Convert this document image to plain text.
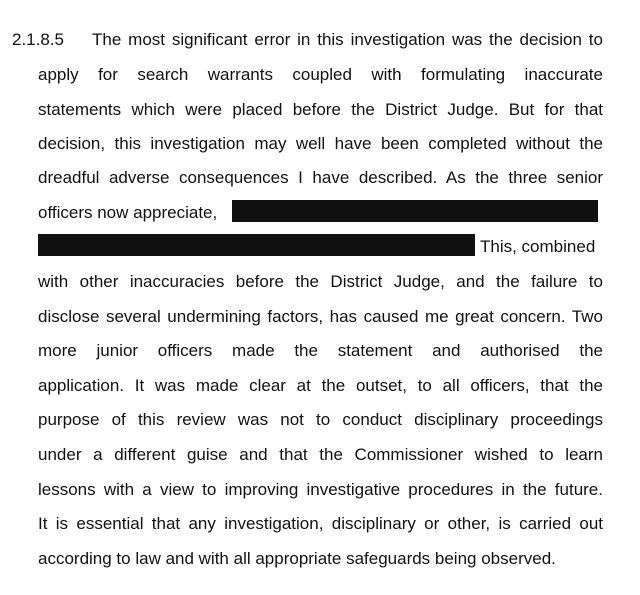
2.1.8.5 The most significant error in this investigation was the decision to
apply for search warrants coupled with formulating inaccurate
statements which were placed before the District Judge. But for that
decision, this investigation may well have been completed without the
dreadful adverse consequences I have described. As the three senior
officers now appreciate,
This, combined
with other inaccuracies before the District Judge, and the failure to
disclose several undermining factors, has caused me great concern. Two
more junior officers made the statement and authorised the
application. It was made clear at the outset, to all officers, that the
purpose of this review was not to conduct disciplinary proceedings
under a different guise and that the Commissioner wished to learn
lessons with a view to improving investigative procedures in the future.
It is essential that any investigation, disciplinary or other, is carried out
according to law and with all appropriate safeguards being observed.
